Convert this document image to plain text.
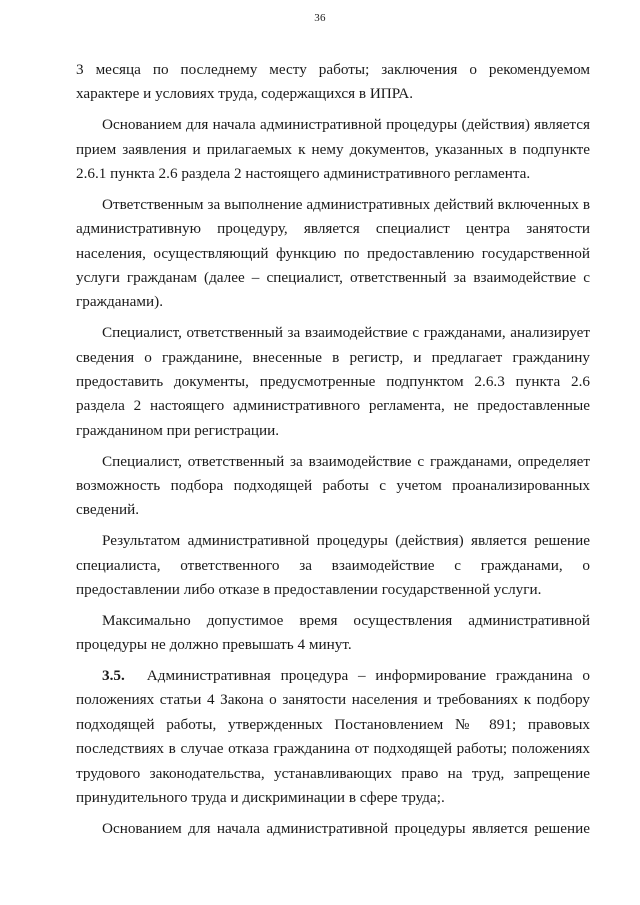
36

3 месяца по последнему месту работы; заключения о рекомендуемом характере и условиях труда, содержащихся в ИПРА.

Основанием для начала административной процедуры (действия) является прием заявления и прилагаемых к нему документов, указанных в подпункте 2.6.1 пункта 2.6 раздела 2 настоящего административного регламента.

Ответственным за выполнение административных действий включенных в административную процедуру, является специалист центра занятости населения, осуществляющий функцию по предоставлению государственной услуги гражданам (далее – специалист, ответственный за взаимодействие с гражданами).

Специалист, ответственный за взаимодействие с гражданами, анализирует сведения о гражданине, внесенные в регистр, и предлагает гражданину предоставить документы, предусмотренные подпунктом 2.6.3 пункта 2.6 раздела 2 настоящего административного регламента, не предоставленные гражданином при регистрации.

Специалист, ответственный за взаимодействие с гражданами, определяет возможность подбора подходящей работы с учетом проанализированных сведений.

Результатом административной процедуры (действия) является решение специалиста, ответственного за взаимодействие с гражданами, о предоставлении либо отказе в предоставлении государственной услуги.

Максимально допустимое время осуществления административной процедуры не должно превышать 4 минут.

3.5. Административная процедура – информирование гражданина о положениях статьи 4 Закона о занятости населения и требованиях к подбору подходящей работы, утвержденных Постановлением № 891; правовых последствиях в случае отказа гражданина от подходящей работы; положениях трудового законодательства, устанавливающих право на труд, запрещение принудительного труда и дискриминации в сфере труда;.

Основанием для начала административной процедуры является решение
